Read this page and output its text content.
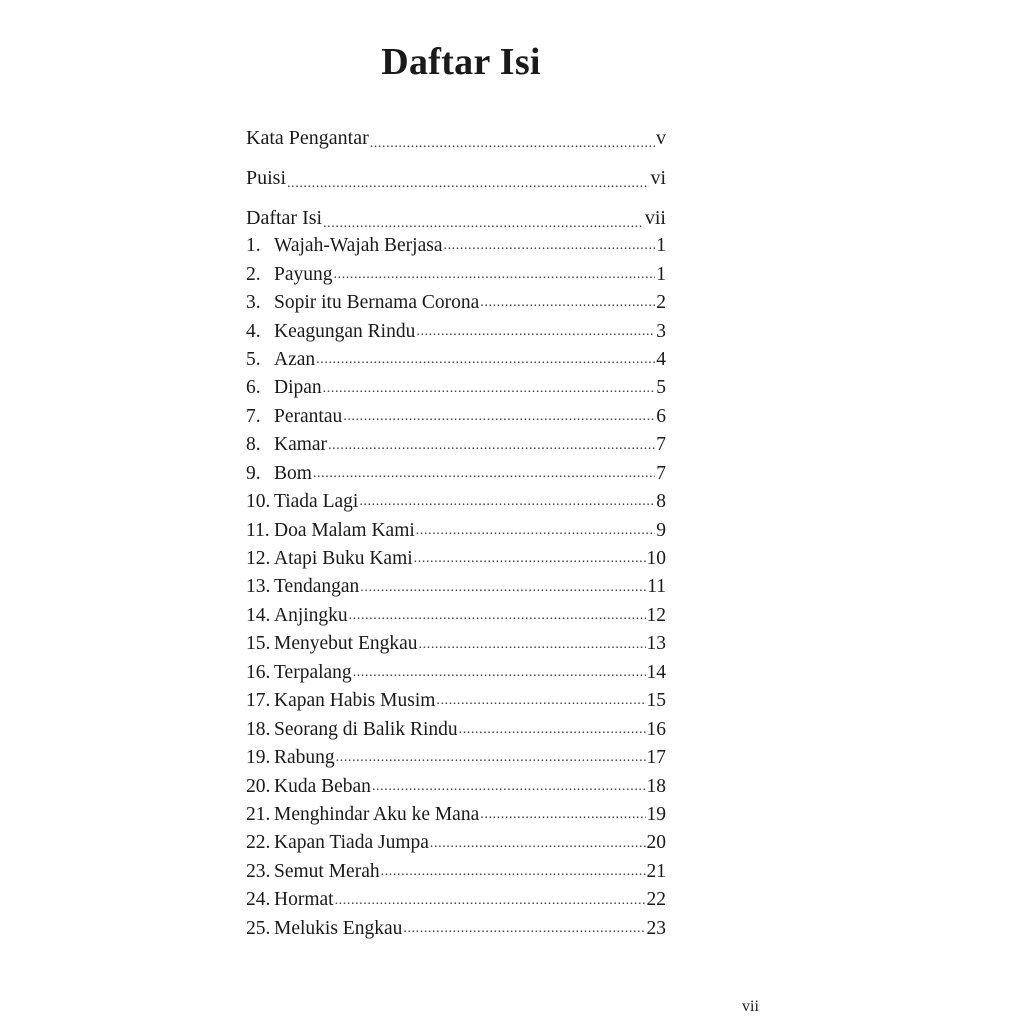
Daftar Isi
Kata Pengantar .....	v
Puisi .....	vi
Daftar Isi .....	vii
1. Wajah-Wajah Berjasa .....	1
2. Payung .....	1
3. Sopir itu Bernama Corona .....	2
4. Keagungan Rindu .....	3
5. Azan .....	4
6. Dipan .....	5
7. Perantau .....	6
8. Kamar .....	7
9. Bom .....	7
10. Tiada Lagi .....	8
11. Doa Malam Kami .....	9
12. Atapi Buku Kami .....	10
13. Tendangan .....	11
14. Anjingku .....	12
15. Menyebut Engkau .....	13
16. Terpalang .....	14
17. Kapan Habis Musim .....	15
18. Seorang di Balik Rindu .....	16
19. Rabung .....	17
20. Kuda Beban .....	18
21. Menghindar Aku ke Mana .....	19
22. Kapan Tiada Jumpa .....	20
23. Semut Merah .....	21
24. Hormat .....	22
25. Melukis Engkau .....	23
vii
